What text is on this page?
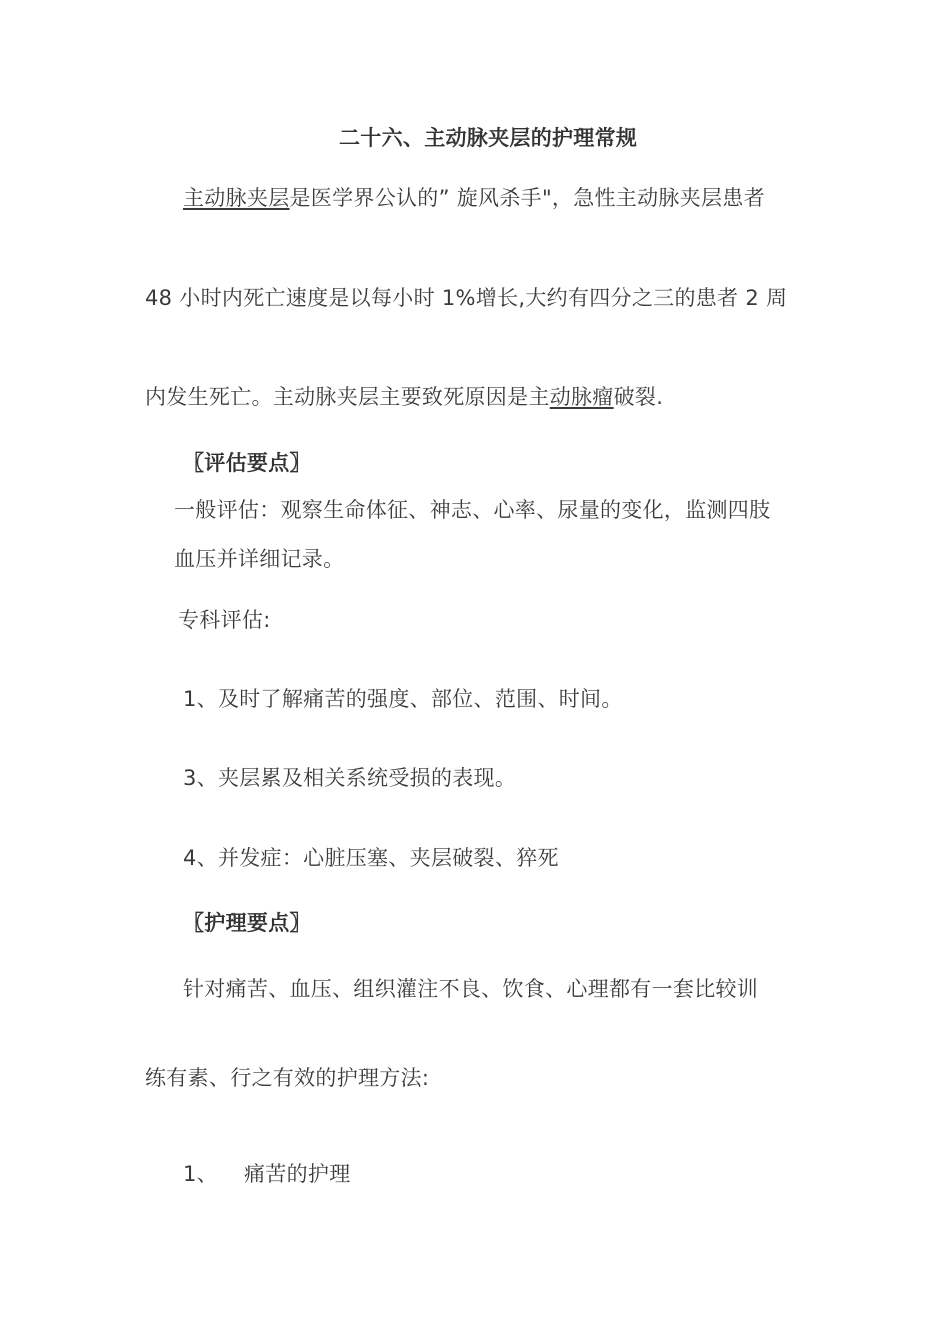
二十六、主动脉夹层的护理常规
主动脉夹层是医学界公认的” 旋风杀手"，急性主动脉夹层患者
48 小时内死亡速度是以每小时 1%增长,大约有四分之三的患者 2 周
内发生死亡。主动脉夹层主要致死原因是主动脉瘤破裂.
〖评估要点〗
一般评估：观察生命体征、神志、心率、尿量的变化，监测四肢
血压并详细记录。
专科评估:
1、及时了解痛苦的强度、部位、范围、时间。
3、夹层累及相关系统受损的表现。
4、并发症：心脏压塞、夹层破裂、猝死
〖护理要点〗
针对痛苦、血压、组织灌注不良、饮食、心理都有一套比较训
练有素、行之有效的护理方法:
1、 痛苦的护理
